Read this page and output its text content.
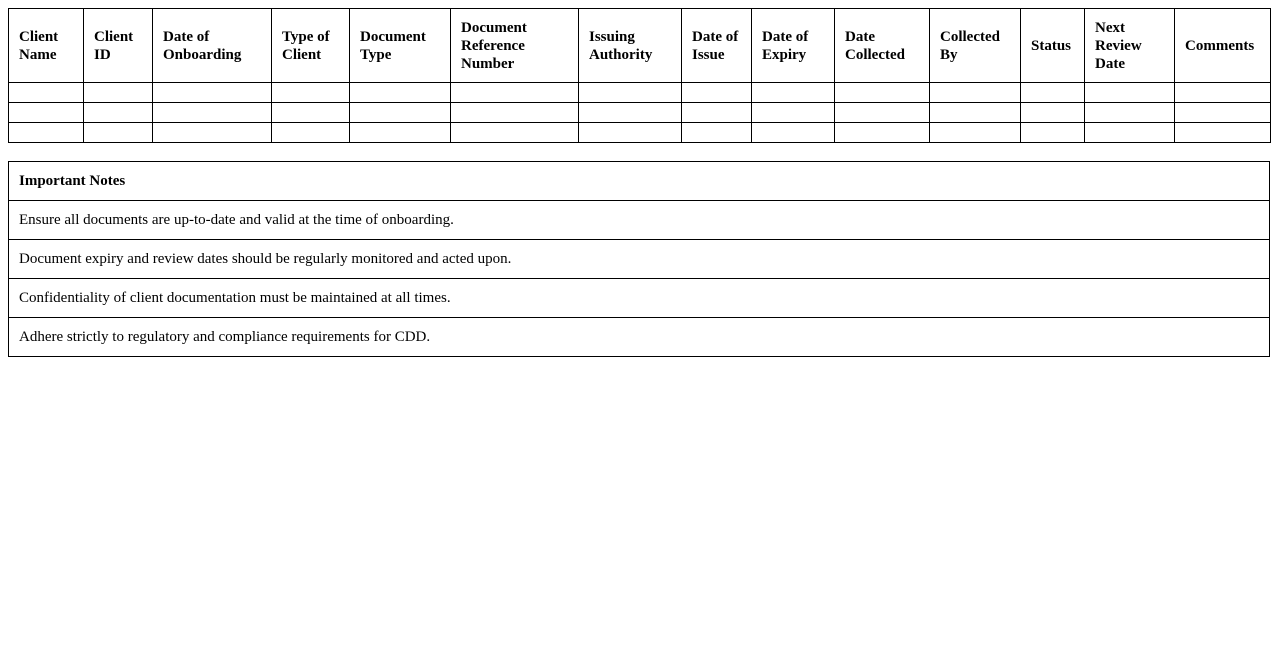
Client Name	Client ID	Date of Onboarding	Type of Client	Document Type	Document Reference Number	Issuing Authority	Date of Issue	Date of Expiry	Date Collected	Collected By	Status	Next Review Date	Comments

Important Notes
Ensure all documents are up-to-date and valid at the time of onboarding.
Document expiry and review dates should be regularly monitored and acted upon.
Confidentiality of client documentation must be maintained at all times.
Adhere strictly to regulatory and compliance requirements for CDD.
